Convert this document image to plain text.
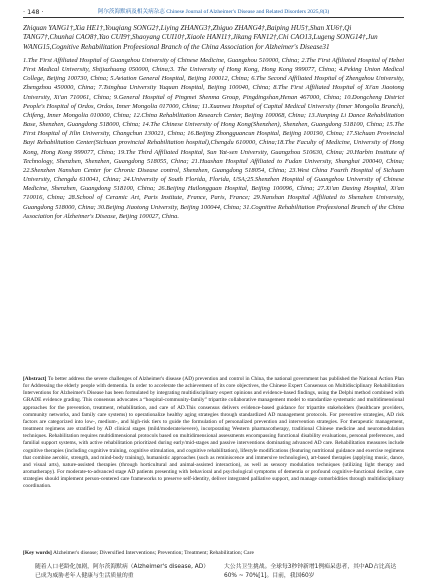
· 148 ·	阿尔茨海默病及相关病杂志 Chinese Journal of Alzheimer's Disease and Related Disorders 2025,8(3)
Zhiquan YANG1†,Xia HE1†,Youqiang SONG2†,Liying ZHANG3†,Zhiguo ZHANG4†,Baiping HU5†,Shan XU6†,Qi TANG7†,Chunhai CAO8†,Yao CUI9†,Shaoyang CUI10†,Xiaole HAN11†,Jikang FAN12†,Chi CAO13,Lugeng SONG14†,Jun WANG15,Cognitive Rehabilitation Profeesional Branch of the China Association for Alzheimer's Disease31
1.The First Affiliated Hospital of Guangzhou University of Chinese Medicine, Guangzhou 510000, China; 2.The First Affiliated Hospital of Hebei First Medical University, Shijiazhuang 050000, China;3. The University of Hong Kong, Hong Kong 999077, China; 4.Peking Union Medical College, Beijing 100730, China; 5.Aviation General Hospital, Beijing 100012, China; 6.The Second Affiliated Hospital of Zhengzhou University, Zhengzhou 450000, China; 7.Tsinghua University Yuquan Hospital, Beijing 100040, China; 8.The First Affiliated Hospital of Xi'an Jiaotong University, Xi'an 710061, China; 9.General Hospital of Pingmei Shenma Group, Pingdingshan,Henan 467000, China; 10.Dongcheng District People's Hospital of Ordos, Ordos, Inner Mongolia 017000, China; 11.Xuanwu Hospital of Capital Medical University (Inner Mongolia Branch), Chifeng, Inner Mongolia 010000, China; 12.China Rehabilitation Research Center, Beijing 100068, China; 13.Jianping Li Dance Rehabilitation Base, Shenzhen, Guangdong 518000, China; 14.The Chinese University of Hong Kong(Shenzhen), Shenzhen, Guangdong 518100, China; 15.The First Hospital of Jilin University, Changchun 130021, China; 16.Beijing Zhongguancun Hospital, Beijing 100190, China; 17.Sichuan Provincial Bayi Rehabilitation Center(Sichuan provincial Rehabilitation hospital),Chengdu 610000, China;18.The Faculty of Medicine, University of Hong Kong, Hong Kong 999077, China; 19.The Third Affiliated Hospital, Sun Yat-sen University, Guangzhou 510630, China; 20.Harbin Institute of Technology, Shenzhen, Shenzhen, Guangdong 518055, China; 21.Huashan Hospital Affiliated to Fudan University, Shanghai 200040, China; 22.Shenzhen Nanshan Center for Chronic Disease control, Shenzhen, Guangdong 518054, China; 23.West China Fourth Hospital of Sichuan University, Chengdu 610041, China; 24.University of South Florida, Florida, USA;25.Shenzhen Hospital of Guangzhou University of Chinese Medicine, Shenzhen, Guangdong 518100, China; 26.Beijing Huilongguan Hospital, Beijing 100096, China; 27.Xi'an Daxing Hospital, Xi'an 710016, China; 28.School of Ceramic Art, Paris Institute, France, Paris, France; 29.Nanshan Hospital Affiliated to Shenzhen University, Guangdong 518000, China; 30.Beijing Jiaotong University, Beijing 100044, China; 31.Cognitive Rehabilitation Profeesional Branch of the China Association for Alzheimer's Disease, Beijing 100027, China.
[Abstract] To better address the severe challenges of Alzheimer's disease (AD) prevention and control in China, the national government has published the National Action Plan for Addressing the elderly people with dementia. In order to accelerate the achievement of its core objectives, the Chinese Expert Consensus on Multidisciplinary Rehabilitation Interventions for Alzheimer's Disease has been formulated by integrating multidisciplinary expert opinions and evidence-based findings, using the Delphi method combined with GRADE evidence grading. This consensus advocates a “hospital-community-family” tripartite collaborative management model to standardize systematic and multidimensional approaches for the prevention, treatment, rehabilitation, and care of AD.This consensus delivers evidence-based guidance for tripartite stakeholders (healthcare providers, community networks, and family care systems) to operationalize healthy aging strategies through standardized AD management protocols. For preventive strategies, AD risk factors are categorized into low-, medium-, and high-risk tiers to guide the formulation of personalized prevention and intervention strategies. For therapeutic management, treatment regimens are stratified by AD clinical stages (mild/moderate/severe), incorporating Western pharmacotherapy, traditional Chinese medicine and neuromodulation techniques. Rehabilitation requires multidimensional protocols based on multidimensional assessments encompassing functional disability evaluations, personal preferences, and familial support systems, with active rehabilitation prioritized during early/mid-stages and passive interventions dominating advanced AD care. Rehabilitation measures include cognitive therapies (including cognitive training, cognitive stimulation, and cognitive rehabilitation), lifestyle modifications (featuring nutritional guidance and exercise regimens that combine aerobic, strength, and mind-body training), humanistic approaches (such as reminiscence and immersive technologies), art-based therapies (applying music, dance, and visual arts), nature-assisted therapies (through horticultural and animal-assisted interaction), as well as sensory modulation techniques (utilizing light therapy and aromatherapy). For moderate-to-advanced stage AD patients presenting with behavioral and psychological symptoms of dementia or profound cognitive-functional decline, care strategies should implement person-centered care frameworks to preserve self-identity, deliver integrated palliative support, and manage comorbidities through multidisciplinary coordination.
[Key words] Alzheimer's disease; Diversified Interventions; Prevention; Treatment; Rehabilitation; Care
随着人口老龄化加剧，阿尔茨海默病（Alzheimer's disease, AD）已成为威胁老年人健康与生活质量的重
大公共卫生挑战。全球每3秒钟新增1例痴呆患者，其中AD占比高达60% ~ 70%[1]。目前，我国60岁
